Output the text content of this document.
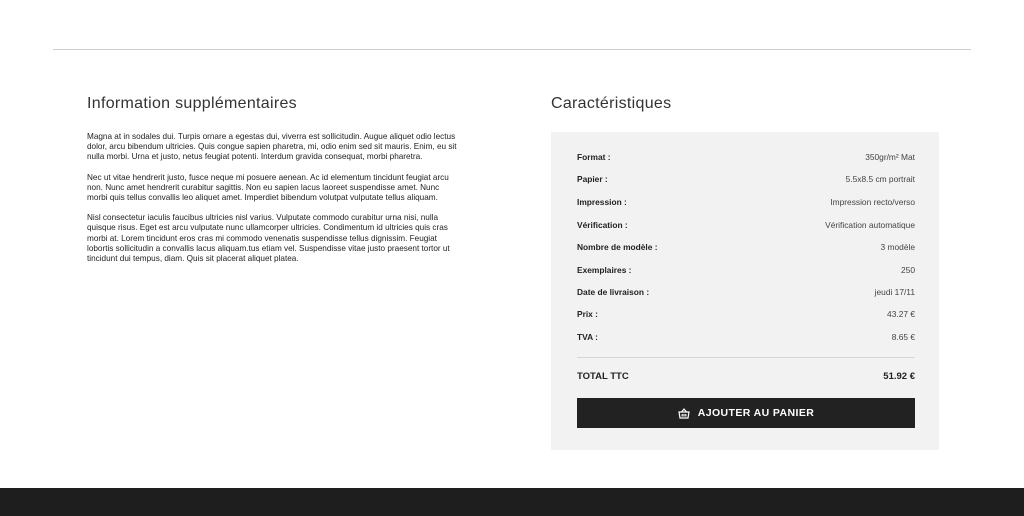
Information supplémentaires

Magna at in sodales dui. Turpis ornare a egestas dui, viverra est sollicitudin. Augue aliquet odio lectus dolor, arcu bibendum ultricies. Quis congue sapien pharetra, mi, odio enim sed sit mauris. Enim, eu sit nulla morbi. Urna et justo, netus feugiat potenti. Interdum gravida consequat, morbi pharetra.

Nec ut vitae hendrerit justo, fusce neque mi posuere aenean. Ac id elementum tincidunt feugiat arcu non. Nunc amet hendrerit curabitur sagittis. Non eu sapien lacus laoreet suspendisse amet. Nunc morbi quis tellus convallis leo aliquet amet. Imperdiet bibendum volutpat vulputate tellus aliquam.

Nisl consectetur iaculis faucibus ultricies nisl varius. Vulputate commodo curabitur urna nisi, nulla quisque risus. Eget est arcu vulputate nunc ullamcorper ultricies. Condimentum id ultricies quis cras morbi at. Lorem tincidunt eros cras mi commodo venenatis suspendisse tellus dignissim. Feugiat lobortis sollicitudin a convallis lacus aliquam.tus etiam vel. Suspendisse vitae justo praesent tortor ut tincidunt dui tempus, diam. Quis sit placerat aliquet platea.

Caractéristiques
Format :	350gr/m² Mat
Papier :	5.5x8.5 cm portrait
Impression :	Impression recto/verso
Vérification :	Vérification automatique
Nombre de modèle :	3 modèle
Exemplaires :	250
Date de livraison :	jeudi 17/11
Prix :	43.27 €
TVA :	8.65 €
TOTAL TTC	51.92 €
AJOUTER AU PANIER
